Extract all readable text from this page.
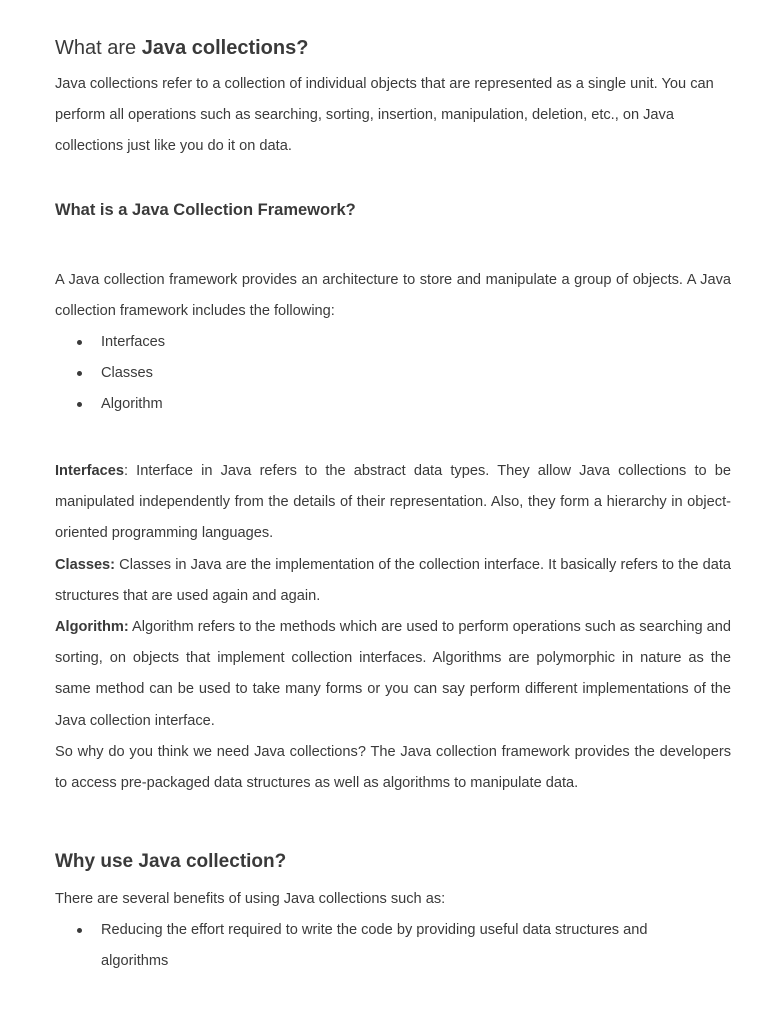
What are Java collections?
Java collections refer to a collection of individual objects that are represented as a single unit. You can perform all operations such as searching, sorting, insertion, manipulation, deletion, etc., on Java collections just like you do it on data.
What is a Java Collection Framework?
A Java collection framework provides an architecture to store and manipulate a group of objects. A Java collection framework includes the following:
Interfaces
Classes
Algorithm
Interfaces: Interface in Java refers to the abstract data types. They allow Java collections to be manipulated independently from the details of their representation. Also, they form a hierarchy in object-oriented programming languages.
Classes: Classes in Java are the implementation of the collection interface. It basically refers to the data structures that are used again and again.
Algorithm: Algorithm refers to the methods which are used to perform operations such as searching and sorting, on objects that implement collection interfaces. Algorithms are polymorphic in nature as the same method can be used to take many forms or you can say perform different implementations of the Java collection interface.
So why do you think we need Java collections? The Java collection framework provides the developers to access pre-packaged data structures as well as algorithms to manipulate data.
Why use Java collection?
There are several benefits of using Java collections such as:
Reducing the effort required to write the code by providing useful data structures and algorithms
